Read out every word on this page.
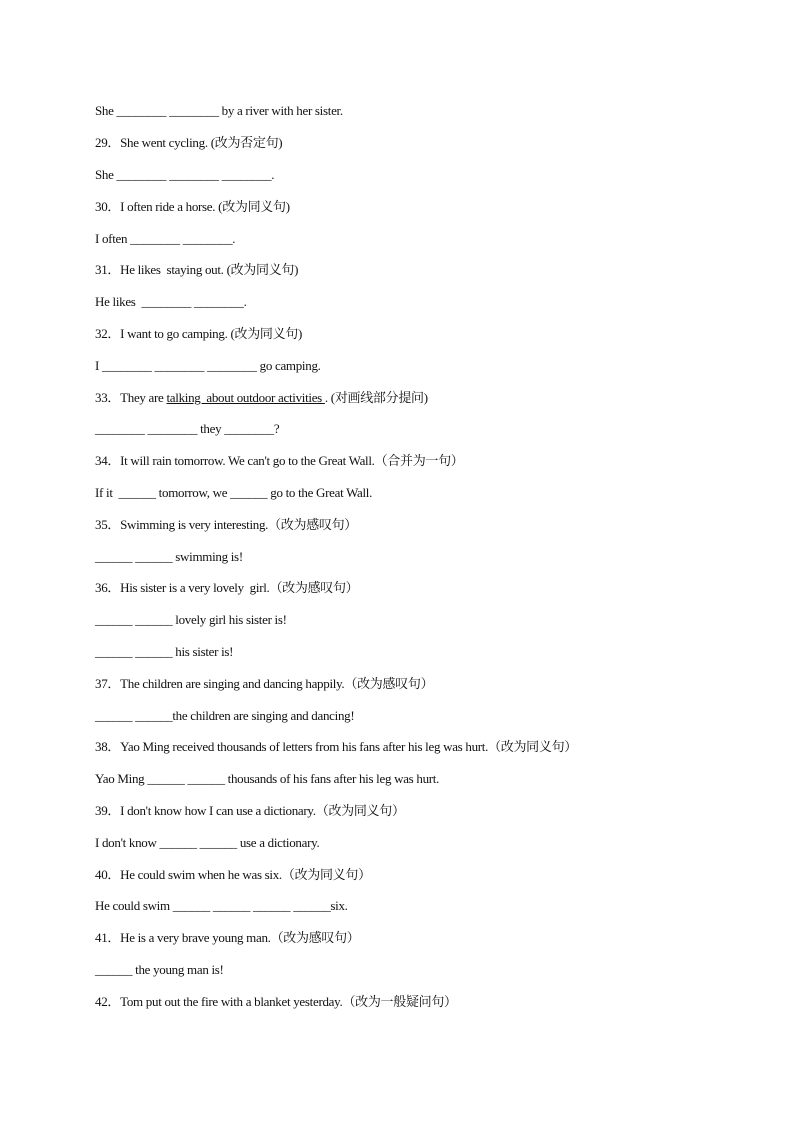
She ________ ________ by a river with her sister.
29．She went cycling. (改为否定句)
She ________ ________ ________.
30．I often ride a horse. (改为同义句)
I often ________ ________.
31．He likes  staying out. (改为同义句)
He likes  ________ ________.
32．I want to go camping. (改为同义句)
I ________ ________ ________ go camping.
33．They are talking  about outdoor activities . (对画线部分提问)
________ ________ they ________?
34．It will rain tomorrow. We can't go to the Great Wall.（合并为一句）
If it  ______ tomorrow, we ______ go to the Great Wall.
35．Swimming is very interesting.（改为感叹句）
______ ______ swimming is!
36．His sister is a very lovely  girl.（改为感叹句）
______ ______ lovely girl his sister is!
______ ______ his sister is!
37．The children are singing and dancing happily.（改为感叹句）
______ ______the children are singing and dancing!
38．Yao Ming received thousands of letters from his fans after his leg was hurt.（改为同义句）
Yao Ming ______ ______ thousands of his fans after his leg was hurt.
39．I don't know how I can use a dictionary.（改为同义句）
I don't know ______ ______ use a dictionary.
40．He could swim when he was six.（改为同义句）
He could swim ______ ______ ______ ______six.
41．He is a very brave young man.（改为感叹句）
______ the young man is!
42．Tom put out the fire with a blanket yesterday.（改为一般疑问句）
